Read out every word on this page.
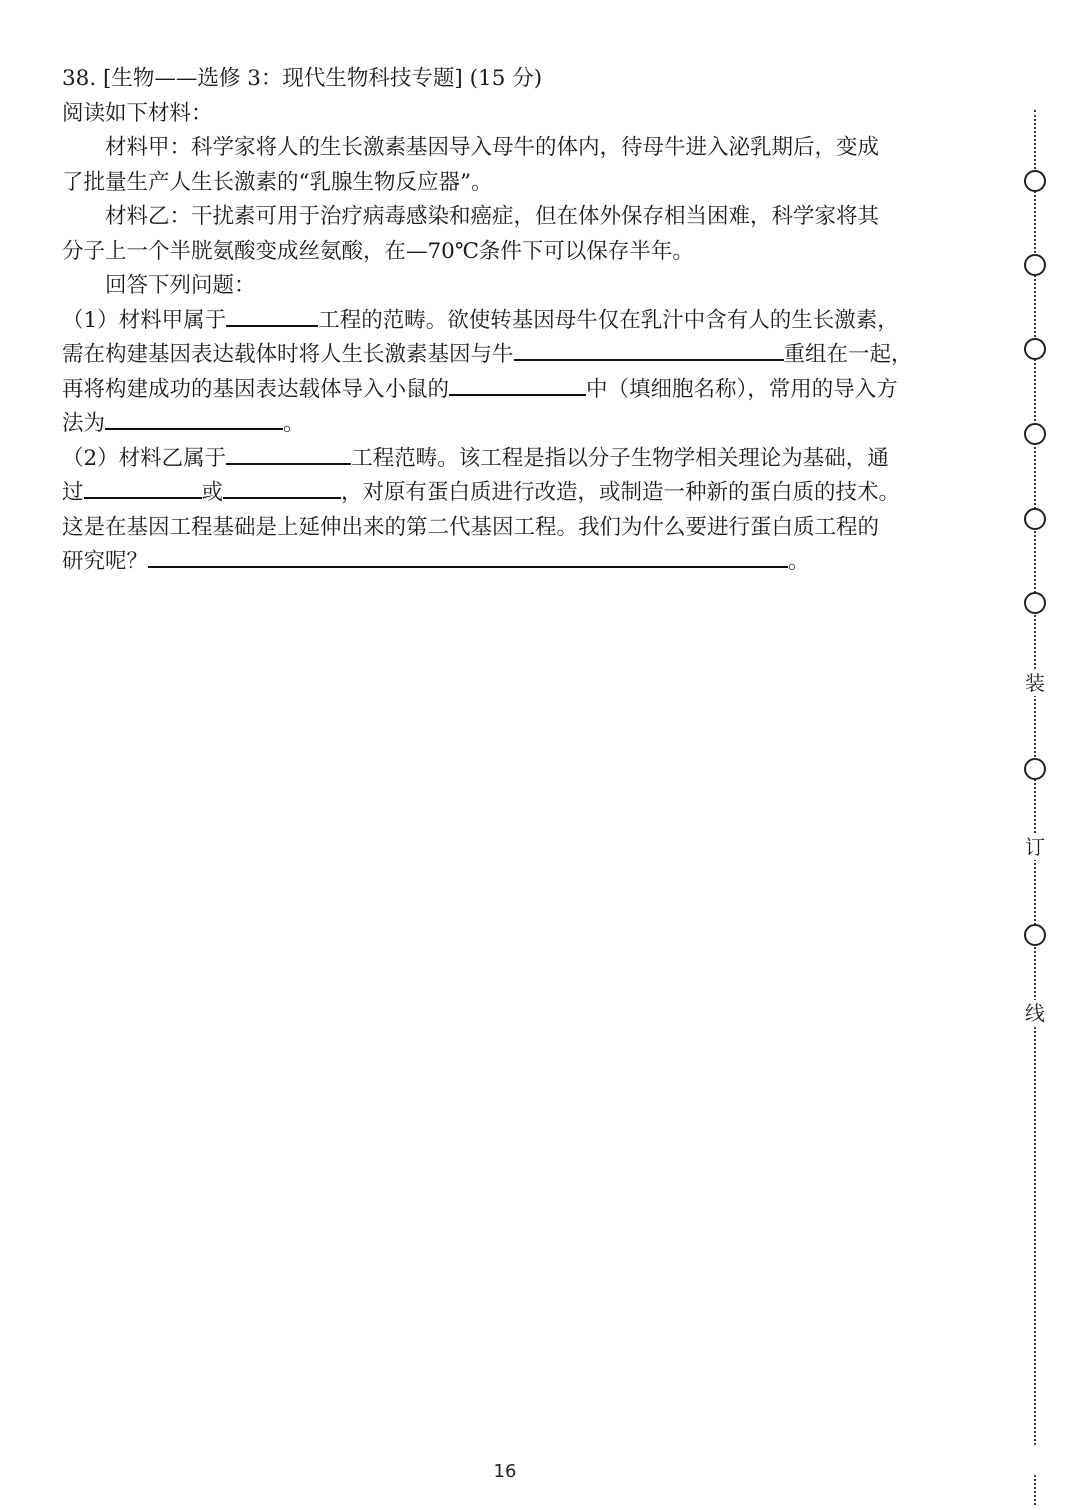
38. [生物——选修 3：现代生物科技专题] (15 分)
阅读如下材料：
材料甲：科学家将人的生长激素基因导入母牛的体内，待母牛进入泌乳期后，变成
了批量生产人生长激素的“乳腺生物反应器”。
材料乙：干扰素可用于治疗病毒感染和癌症，但在体外保存相当困难，科学家将其
分子上一个半胱氨酸变成丝氨酸，在—70℃条件下可以保存半年。
回答下列问题：
（1）材料甲属于	工程的范畴。欲使转基因母牛仅在乳汁中含有人的生长激素，
需在构建基因表达载体时将人生长激素基因与牛	重组在一起，
再将构建成功的基因表达载体导入小鼠的	中（填细胞名称），常用的导入方
法为	。
（2）材料乙属于	工程范畴。该工程是指以分子生物学相关理论为基础，通
过	或	，对原有蛋白质进行改造，或制造一种新的蛋白质的技术。
这是在基因工程基础是上延伸出来的第二代基因工程。我们为什么要进行蛋白质工程的
研究呢？	。
装
订
线
16
